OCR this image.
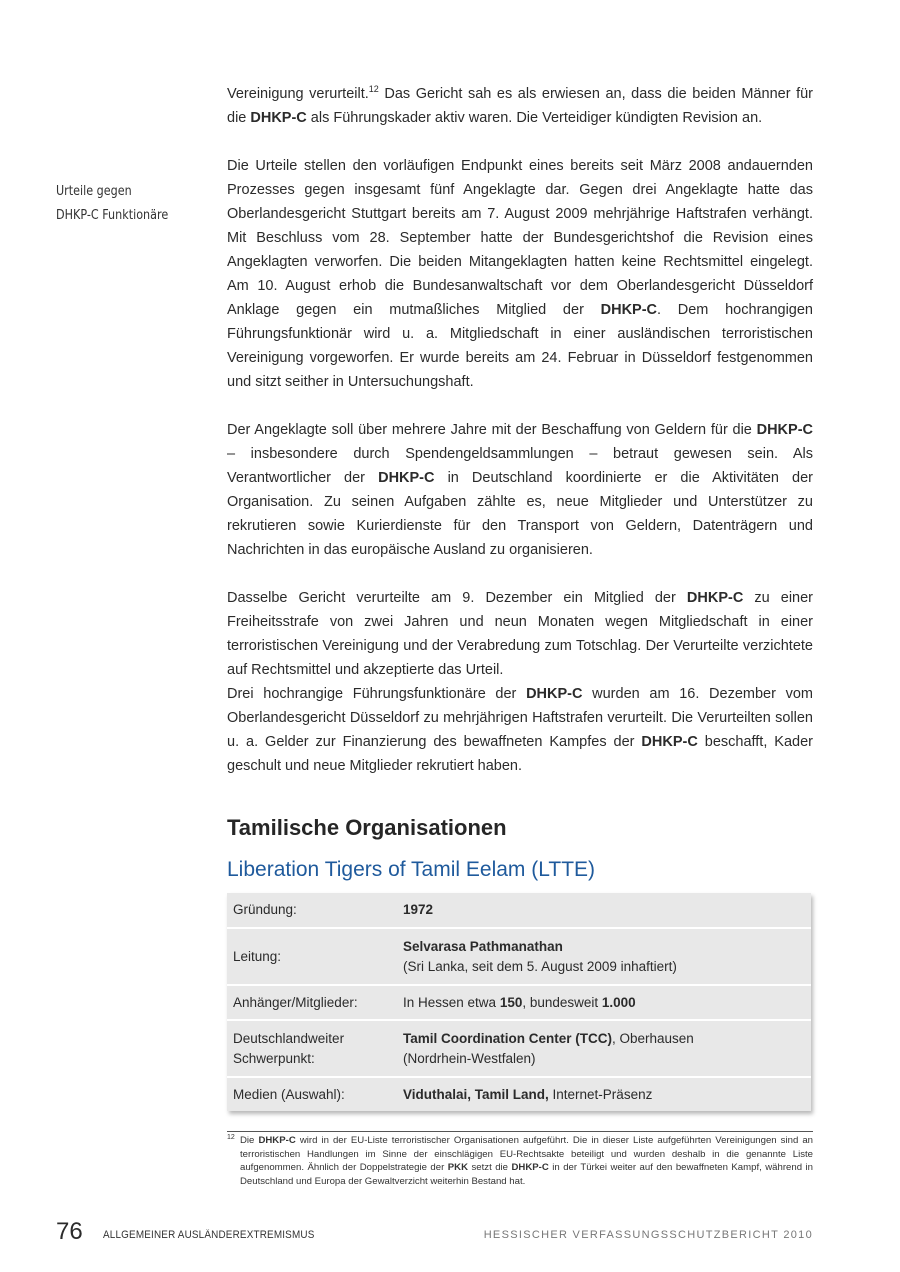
Urteile gegen
DHKP-C Funktionäre

Vereinigung verurteilt.$^{12}$ Das Gericht sah es als erwiesen an, dass die beiden Männer für die DHKP-C als Führungskader aktiv waren. Die Verteidiger kündigten Revision an.

Die Urteile stellen den vorläufigen Endpunkt eines bereits seit März 2008 andauernden Prozesses gegen insgesamt fünf Angeklagte dar. Gegen drei Angeklagte hatte das Oberlandesgericht Stuttgart bereits am 7. August 2009 mehrjährige Haftstrafen verhängt. Mit Beschluss vom 28. September hatte der Bundesgerichtshof die Revision eines Angeklagten verworfen. Die beiden Mitangeklagten hatten keine Rechtsmittel eingelegt. Am 10. August erhob die Bundesanwaltschaft vor dem Oberlandesgericht Düsseldorf Anklage gegen ein mutmaßliches Mitglied der DHKP-C. Dem hochrangigen Führungsfunktionär wird u. a. Mitgliedschaft in einer ausländischen terroristischen Vereinigung vorgeworfen. Er wurde bereits am 24. Februar in Düsseldorf festgenommen und sitzt seither in Untersuchungshaft.

Der Angeklagte soll über mehrere Jahre mit der Beschaffung von Geldern für die DHKP-C – insbesondere durch Spendengeldsammlungen – betraut gewesen sein. Als Verantwortlicher der DHKP-C in Deutschland koordinierte er die Aktivitäten der Organisation. Zu seinen Aufgaben zählte es, neue Mitglieder und Unterstützer zu rekrutieren sowie Kurierdienste für den Transport von Geldern, Datenträgern und Nachrichten in das europäische Ausland zu organisieren.

Dasselbe Gericht verurteilte am 9. Dezember ein Mitglied der DHKP-C zu einer Freiheitsstrafe von zwei Jahren und neun Monaten wegen Mitgliedschaft in einer terroristischen Vereinigung und der Verabredung zum Totschlag. Der Verurteilte verzichtete auf Rechtsmittel und akzeptierte das Urteil.

Drei hochrangige Führungsfunktionäre der DHKP-C wurden am 16. Dezember vom Oberlandesgericht Düsseldorf zu mehrjährigen Haftstrafen verurteilt. Die Verurteilten sollen u. a. Gelder zur Finanzierung des bewaffneten Kampfes der DHKP-C beschafft, Kader geschult und neue Mitglieder rekrutiert haben.

Tamilische Organisationen
Liberation Tigers of Tamil Eelam (LTTE)
Gründung:	1972
Leitung:	Selvarasa Pathmanathan
(Sri Lanka, seit dem 5. August 2009 inhaftiert)

Anhänger/Mitglieder:	In Hessen etwa 150, bundesweit 1.000

Deutschlandweiter
Schwerpunkt:	Tamil Coordination Center (TCC), Oberhausen
(Nordrhein-Westfalen)

Medien (Auswahl):	Viduthalai, Tamil Land, Internet-Präsenz
12 Die DHKP-C wird in der EU-Liste terroristischer Organisationen aufgeführt. Die in dieser Liste aufgeführten Vereinigungen sind an terroristischen Handlungen im Sinne der einschlägigen EU-Rechtsakte beteiligt und wurden deshalb in die genannte Liste aufgenommen. Ähnlich der Doppelstrategie der PKK setzt die DHKP-C in der Türkei weiter auf den bewaffneten Kampf, während in Deutschland und Europa der Gewaltverzicht weiterhin Bestand hat.
76 ALLGEMEINER AUSLÄNDEREXTREMISMUS	HESSISCHER VERFASSUNGSSCHUTZBERICHT 2010
